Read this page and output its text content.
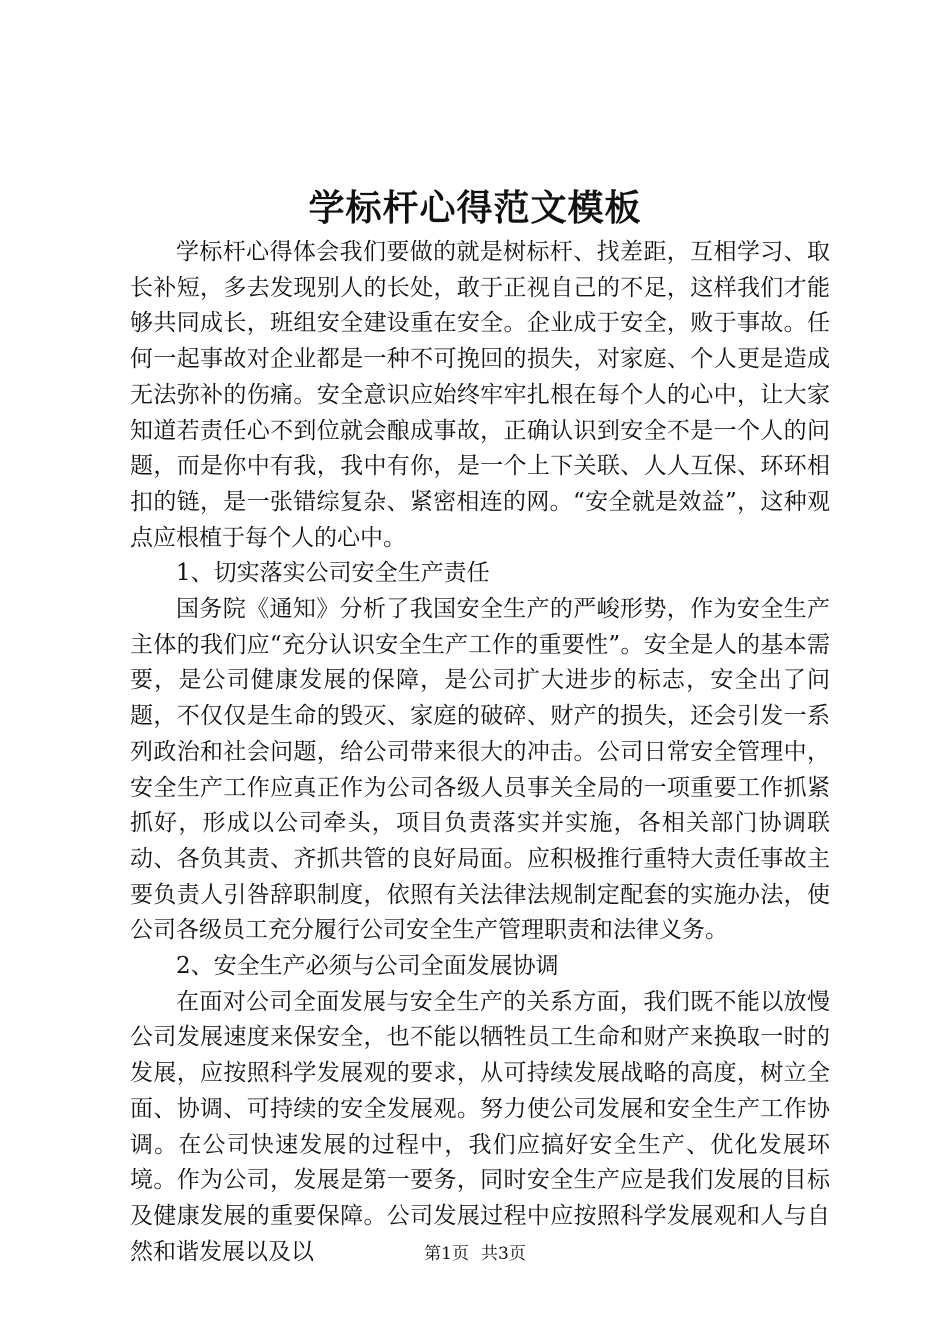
学标杆心得范文模板

学标杆心得体会我们要做的就是树标杆、找差距，互相学习、取长补短，多去发现别人的长处，敢于正视自己的不足，这样我们才能够共同成长，班组安全建设重在安全。企业成于安全，败于事故。任何一起事故对企业都是一种不可挽回的损失，对家庭、个人更是造成无法弥补的伤痛。安全意识应始终牢牢扎根在每个人的心中，让大家知道若责任心不到位就会酿成事故，正确认识到安全不是一个人的问题，而是你中有我，我中有你，是一个上下关联、人人互保、环环相扣的链，是一张错综复杂、紧密相连的网。“安全就是效益”，这种观点应根植于每个人的心中。

1、切实落实公司安全生产责任

国务院《通知》分析了我国安全生产的严峻形势，作为安全生产主体的我们应“充分认识安全生产工作的重要性”。安全是人的基本需要，是公司健康发展的保障，是公司扩大进步的标志，安全出了问题，不仅仅是生命的毁灭、家庭的破碎、财产的损失，还会引发一系列政治和社会问题，给公司带来很大的冲击。公司日常安全管理中，安全生产工作应真正作为公司各级人员事关全局的一项重要工作抓紧抓好，形成以公司牵头，项目负责落实并实施，各相关部门协调联动、各负其责、齐抓共管的良好局面。应积极推行重特大责任事故主要负责人引咎辞职制度，依照有关法律法规制定配套的实施办法，使公司各级员工充分履行公司安全生产管理职责和法律义务。

2、安全生产必须与公司全面发展协调

在面对公司全面发展与安全生产的关系方面，我们既不能以放慢公司发展速度来保安全，也不能以牺牲员工生命和财产来换取一时的发展，应按照科学发展观的要求，从可持续发展战略的高度，树立全面、协调、可持续的安全发展观。努力使公司发展和安全生产工作协调。在公司快速发展的过程中，我们应搞好安全生产、优化发展环境。作为公司，发展是第一要务，同时安全生产应是我们发展的目标及健康发展的重要保障。公司发展过程中应按照科学发展观和人与自然和谐发展以及以	第1页 共3页
